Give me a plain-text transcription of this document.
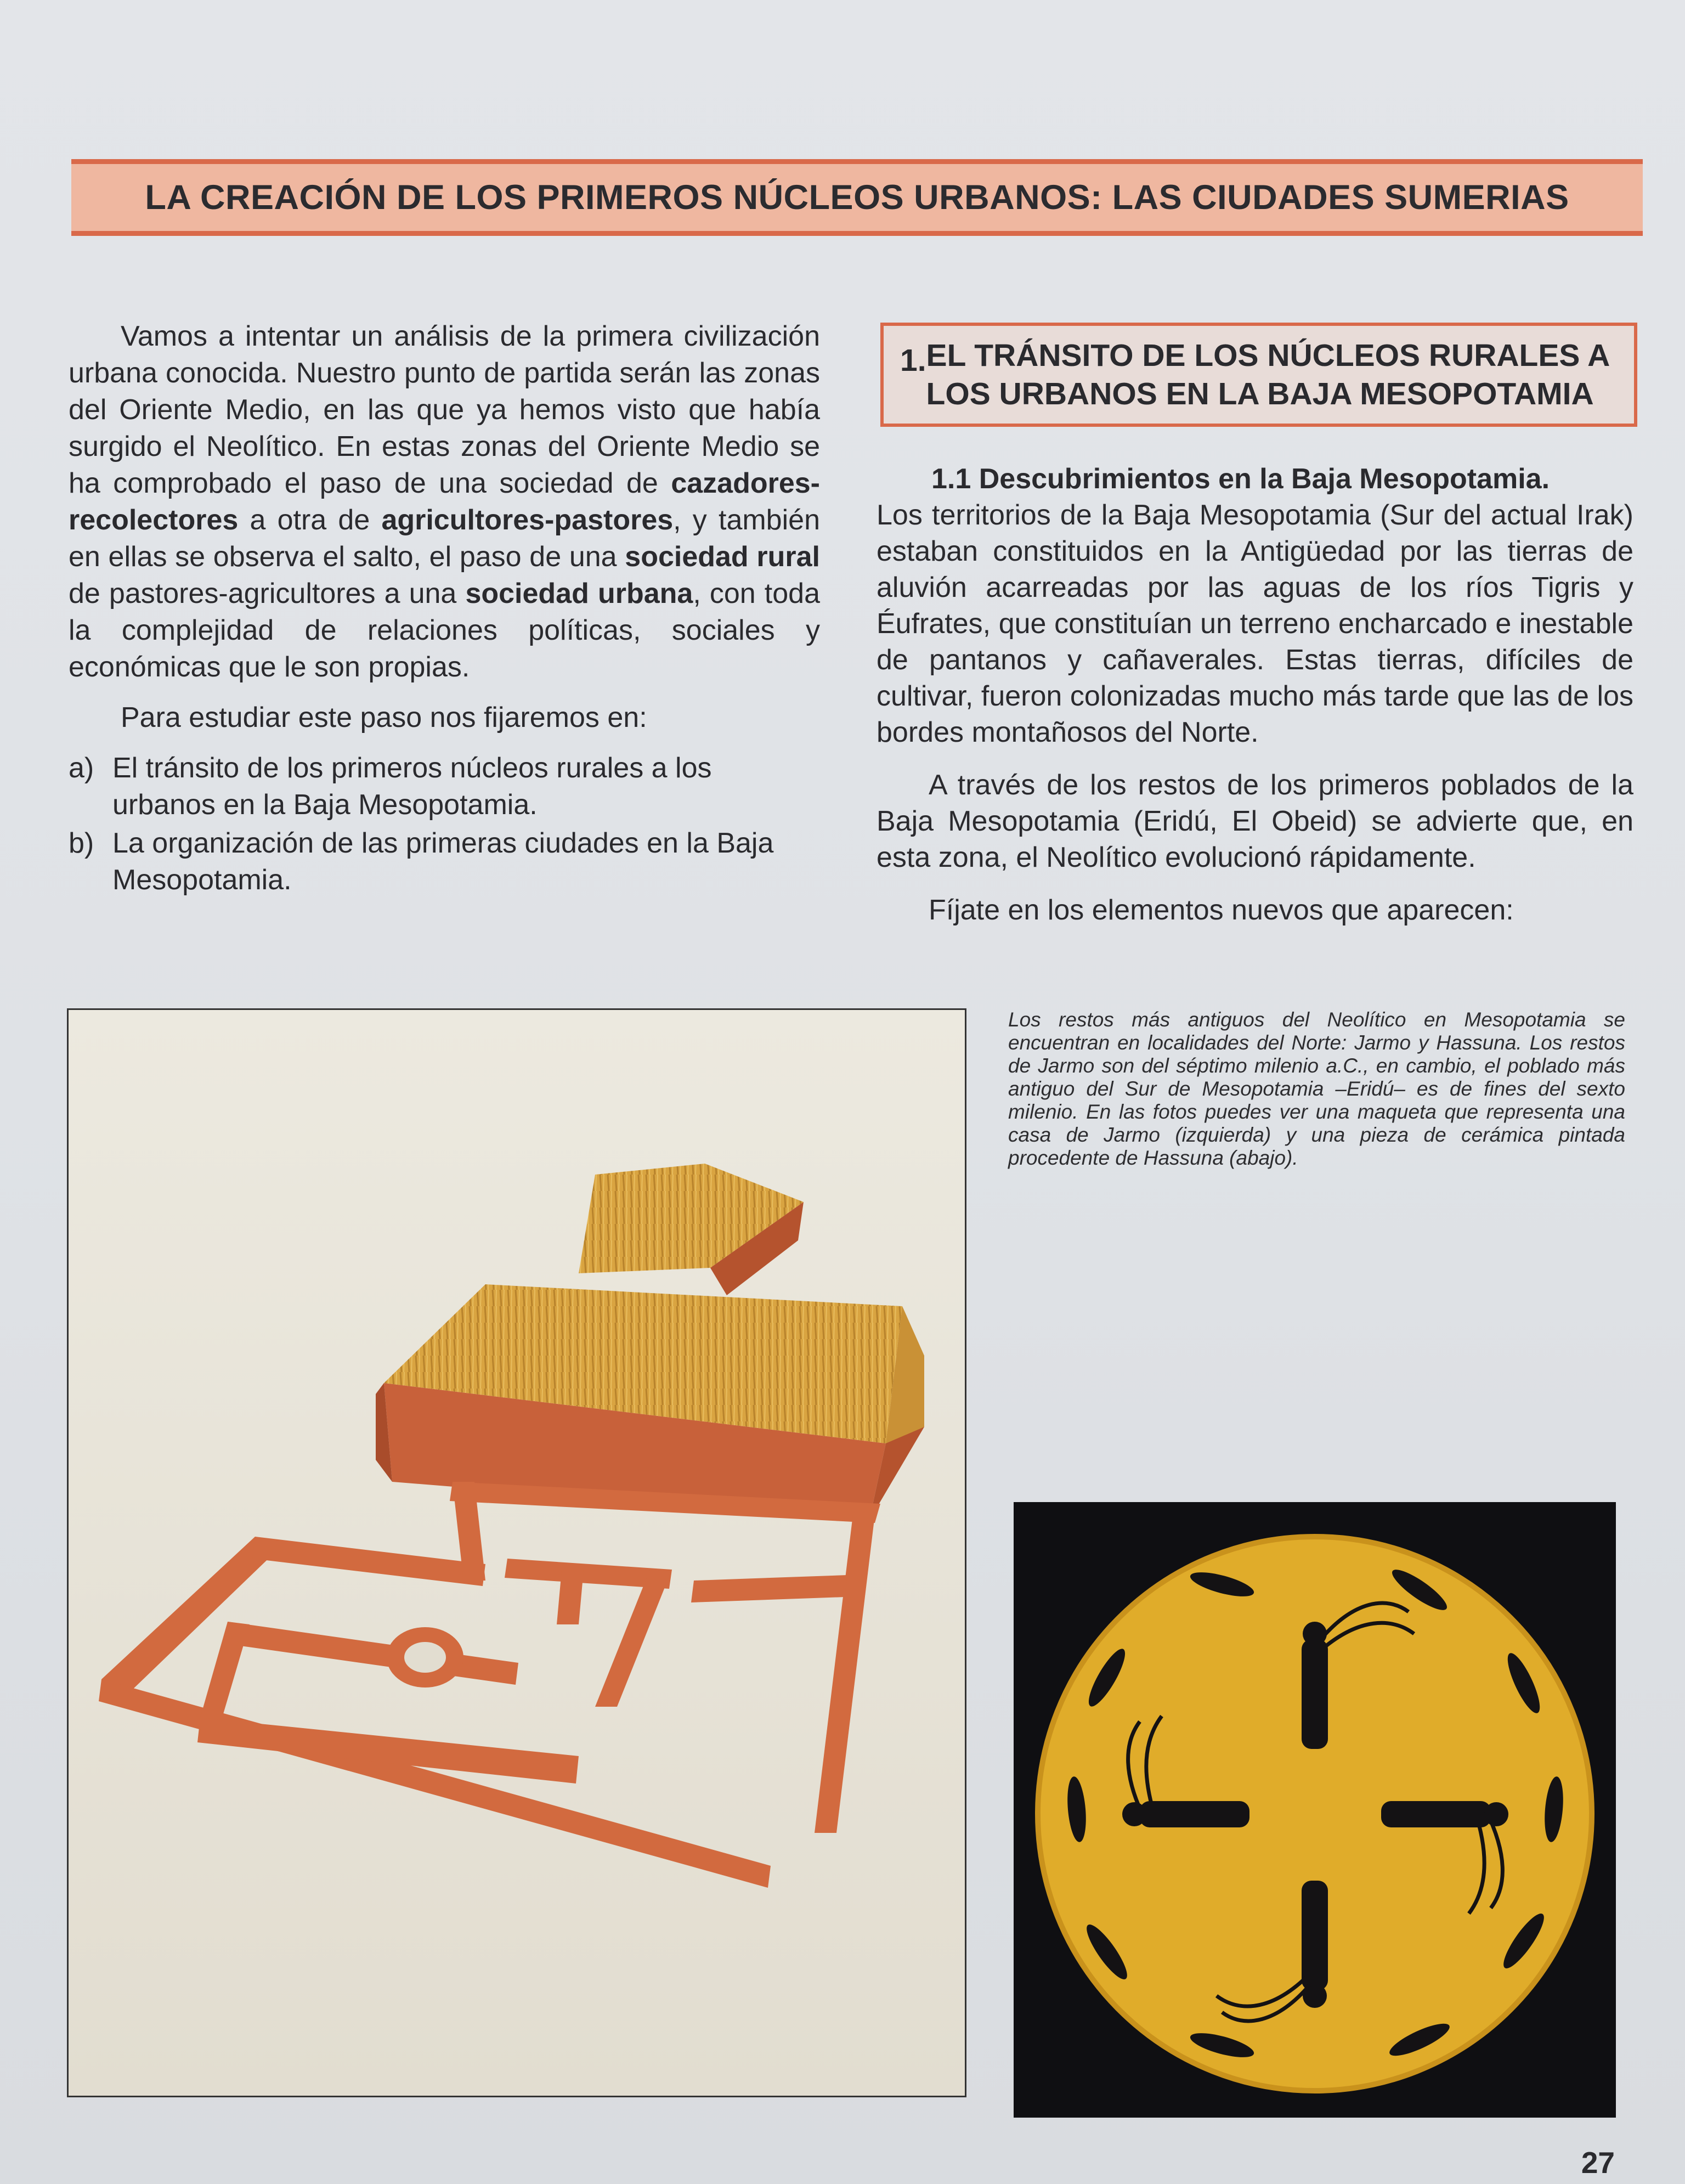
LA CREACIÓN DE LOS PRIMEROS NÚCLEOS URBANOS: LAS CIUDADES SUMERIAS

Vamos a intentar un análisis de la primera civilización urbana conocida. Nuestro punto de partida serán las zonas del Oriente Medio, en las que ya hemos visto que había surgido el Neolítico. En estas zonas del Oriente Medio se ha comprobado el paso de una sociedad de cazadores-recolectores a otra de agricultores-pastores, y también en ellas se observa el salto, el paso de una sociedad rural de pastores-agricultores a una sociedad urbana, con toda la complejidad de relaciones políticas, sociales y económicas que le son propias.

Para estudiar este paso nos fijaremos en:

a) El tránsito de los primeros núcleos rurales a los urbanos en la Baja Mesopotamia.
b) La organización de las primeras ciudades en la Baja Mesopotamia.
1. EL TRÁNSITO DE LOS NÚCLEOS RURALES A LOS URBANOS EN LA BAJA MESOPOTAMIA

1.1 Descubrimientos en la Baja Mesopotamia.

Los territorios de la Baja Mesopotamia (Sur del actual Irak) estaban constituidos en la Antigüedad por las tierras de aluvión acarreadas por las aguas de los ríos Tigris y Éufrates, que constituían un terreno encharcado e inestable de pantanos y cañaverales. Estas tierras, difíciles de cultivar, fueron colonizadas mucho más tarde que las de los bordes montañosos del Norte.

A través de los restos de los primeros poblados de la Baja Mesopotamia (Eridú, El Obeid) se advierte que, en esta zona, el Neolítico evolucionó rápidamente.

Fíjate en los elementos nuevos que aparecen:

Los restos más antiguos del Neolítico en Mesopotamia se encuentran en localidades del Norte: Jarmo y Hassuna. Los restos de Jarmo son del séptimo milenio a.C., en cambio, el poblado más antiguo del Sur de Mesopotamia –Eridú– es de fines del sexto milenio. En las fotos puedes ver una maqueta que representa una casa de Jarmo (izquierda) y una pieza de cerámica pintada procedente de Hassuna (abajo).
27
